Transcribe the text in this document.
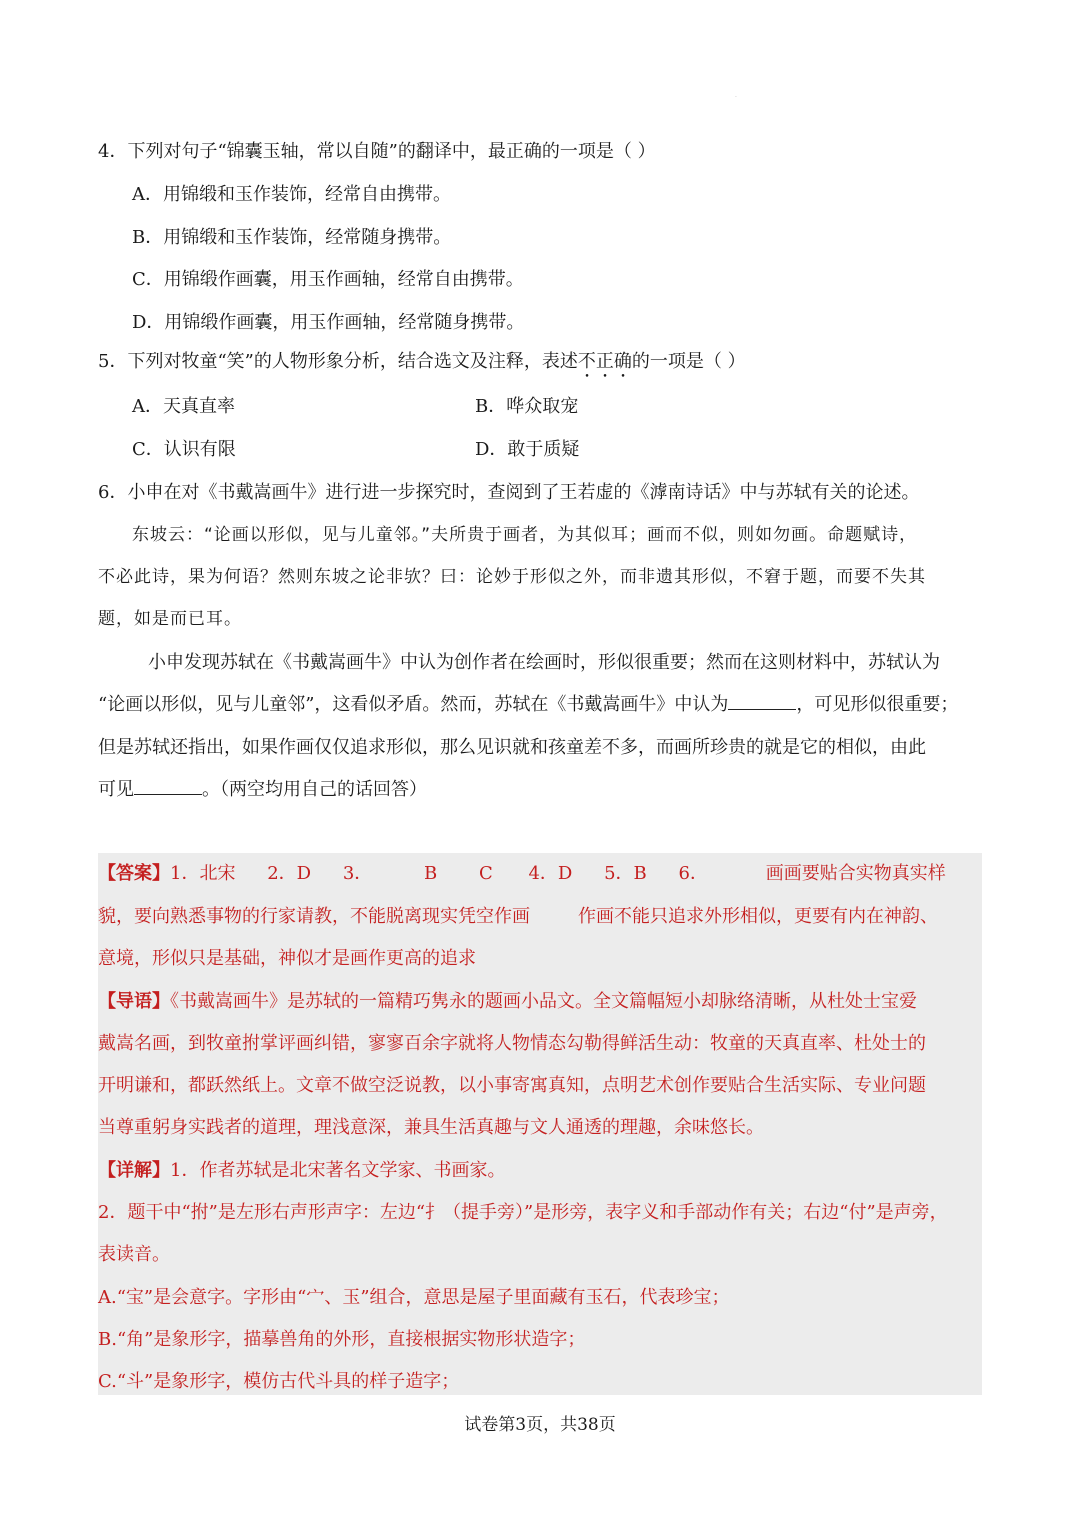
.
4．下列对句子“锦囊玉轴，常以自随”的翻译中，最正确的一项是（ ）
A．用锦缎和玉作装饰，经常自由携带。
B．用锦缎和玉作装饰，经常随身携带。
C．用锦缎作画囊，用玉作画轴，经常自由携带。
D．用锦缎作画囊，用玉作画轴，经常随身携带。
5．下列对牧童“笑”的人物形象分析，结合选文及注释，表述不正确的一项是（ ）
A．天真直率	B．哗众取宠
C．认识有限	D．敢于质疑
6．小申在对《书戴嵩画牛》进行进一步探究时，查阅到了王若虚的《滹南诗话》中与苏轼有关的论述。
东坡云：“论画以形似，见与儿童邻。”夫所贵于画者，为其似耳；画而不似，则如勿画。命题赋诗，
不必此诗，果为何语？然则东坡之论非欤？曰：论妙于形似之外，而非遗其形似，不窘于题，而要不失其
题，如是而已耳。
小申发现苏轼在《书戴嵩画牛》中认为创作者在绘画时，形似很重要；然而在这则材料中，苏轼认为
“论画以形似，见与儿童邻”，这看似矛盾。然而，苏轼在《书戴嵩画牛》中认为	，可见形似很重要；
但是苏轼还指出，如果作画仅仅追求形似，那么见识就和孩童差不多，而画所珍贵的就是它的相似，由此
可见	。（两空均用自己的话回答）
【答案】1．北宋 2．D 3．	B C 4．D 5．B 6．	画画要贴合实物真实样
貌，要向熟悉事物的行家请教，不能脱离现实凭空作画	作画不能只追求外形相似，更要有内在神韵、
意境，形似只是基础，神似才是画作更高的追求
【导语】《书戴嵩画牛》是苏轼的一篇精巧隽永的题画小品文。全文篇幅短小却脉络清晰，从杜处士宝爱
戴嵩名画，到牧童拊掌评画纠错，寥寥百余字就将人物情态勾勒得鲜活生动：牧童的天真直率、杜处士的
开明谦和，都跃然纸上。文章不做空泛说教，以小事寄寓真知，点明艺术创作要贴合生活实际、专业问题
当尊重躬身实践者的道理，理浅意深，兼具生活真趣与文人通透的理趣，余味悠长。
【详解】1．作者苏轼是北宋著名文学家、书画家。
2．题干中“拊”是左形右声形声字：左边“扌（提手旁）”是形旁，表字义和手部动作有关；右边“付”是声旁，
表读音。
A.“宝”是会意字。字形由“宀、玉”组合，意思是屋子里面藏有玉石，代表珍宝；
B.“角”是象形字，描摹兽角的外形，直接根据实物形状造字；
C.“斗”是象形字，模仿古代斗具的样子造字；
试卷第3页，共38页
